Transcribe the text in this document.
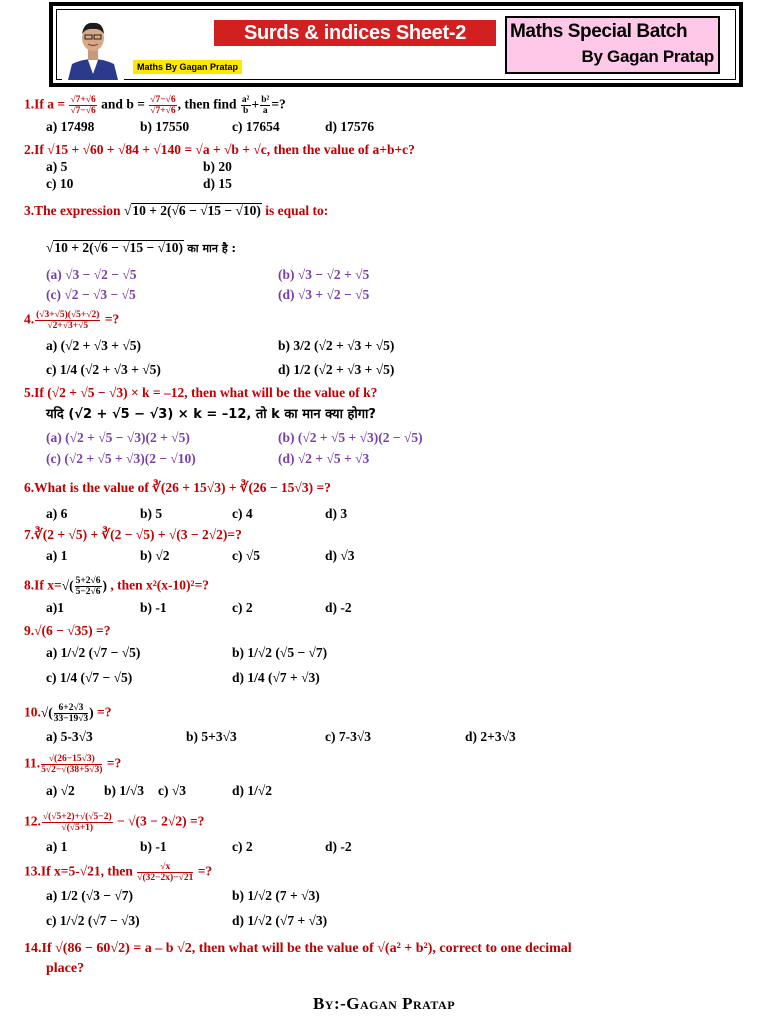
Surds & indices Sheet-2
Maths By Gagan Pratap
Maths Special Batch
By Gagan Pratap
1.If $a = \frac{√7+√6}{√7-√6}$ and $b = \frac{√7-√6}{√7+√6}$ , then find $\frac{\text{a²}}{b} + \frac{\text{b²}}{a}$ =?
a) 17498	b) 17550	c) 17654	d) 17576
2.If √15 + √60 + √84 + √140 = √a + √b + √c, then the value of a+b+c?
a) 5	b) 20
c) 10	d) 15
3.The expression √10 + 2(√6 − √15 − √10) is equal to:
√10 + 2(√6 − √15 − √10) का मान है :
(a) √3 − √2 − √5	(b) √3 − √2 + √5
(c) √2 − √3 − √5	(d) √3 + √2 − √5
4. $\frac{(√3+√5)(√5+√2)}{√2+√3+√5}$ =?
a) (√2 + √3 + √5)	b) 3/2 (√2 + √3 + √5)
c) 1/4 (√2 + √3 + √5)	d) 1/2 (√2 + √3 + √5)
5.If (√2 + √5 − √3) × k = –12, then what will be the value of k?
यदि (√2 + √5 − √3) × k = –12, तो k का मान क्या होगा?
(a) (√2 + √5 − √3)(2 + √5)	(b) (√2 + √5 + √3)(2 − √5)
(c) (√2 + √5 + √3)(2 − √10)	(d) √2 + √5 + √3
6.What is the value of ∛(26 + 15√3) + ∛(26 − 15√3) =?
a) 6	b) 5	c) 4	d) 3
7.∛(2 + √5) + ∛(2 − √5) + √(3 − 2√2)=?
a) 1	b) √2	c) √5	d) √3
8.If $x=√( \frac{5+2√6}{5-2√6}$ ) , then x²(x-10)²=?
a)1	b) -1	c) 2	d) -2
9.√(6 − √35) =?
a) 1/√2 (√7 − √5)	b) 1/√2 (√5 − √7)
c) 1/4 (√7 − √5)	d) 1/4 (√7 + √3)
$10.√( \frac{6+2√3}{33-19√3}$ ) =?
a) 5-3√3	b) 5+3√3	c) 7-3√3	d) 2+3√3
11. $\frac{√(26-15√3)}{5√2-√(38+5√3)}$ =?
a) √2 b) 1/√3 c) √3	d) 1/√2
12. $\frac{√(√5+2)+√(√5-2)}{√(√5+1)} - √(3 - 2√2)$ =?
a) 1	b) -1	c) 2	d) -2
13.If x=5-√21, then $\frac{√x}{√(32-2x)-√21}$ =?
a) 1/2 (√3 − √7)	b) 1/√2 (7 + √3)
c) 1/√2 (√7 − √3)	d) 1/√2 (√7 + √3)
14.If √(86 − 60√2) = a – b √2, then what will be the value of √(a² + b²), correct to one decimal
place?
By:-Gagan Pratap
